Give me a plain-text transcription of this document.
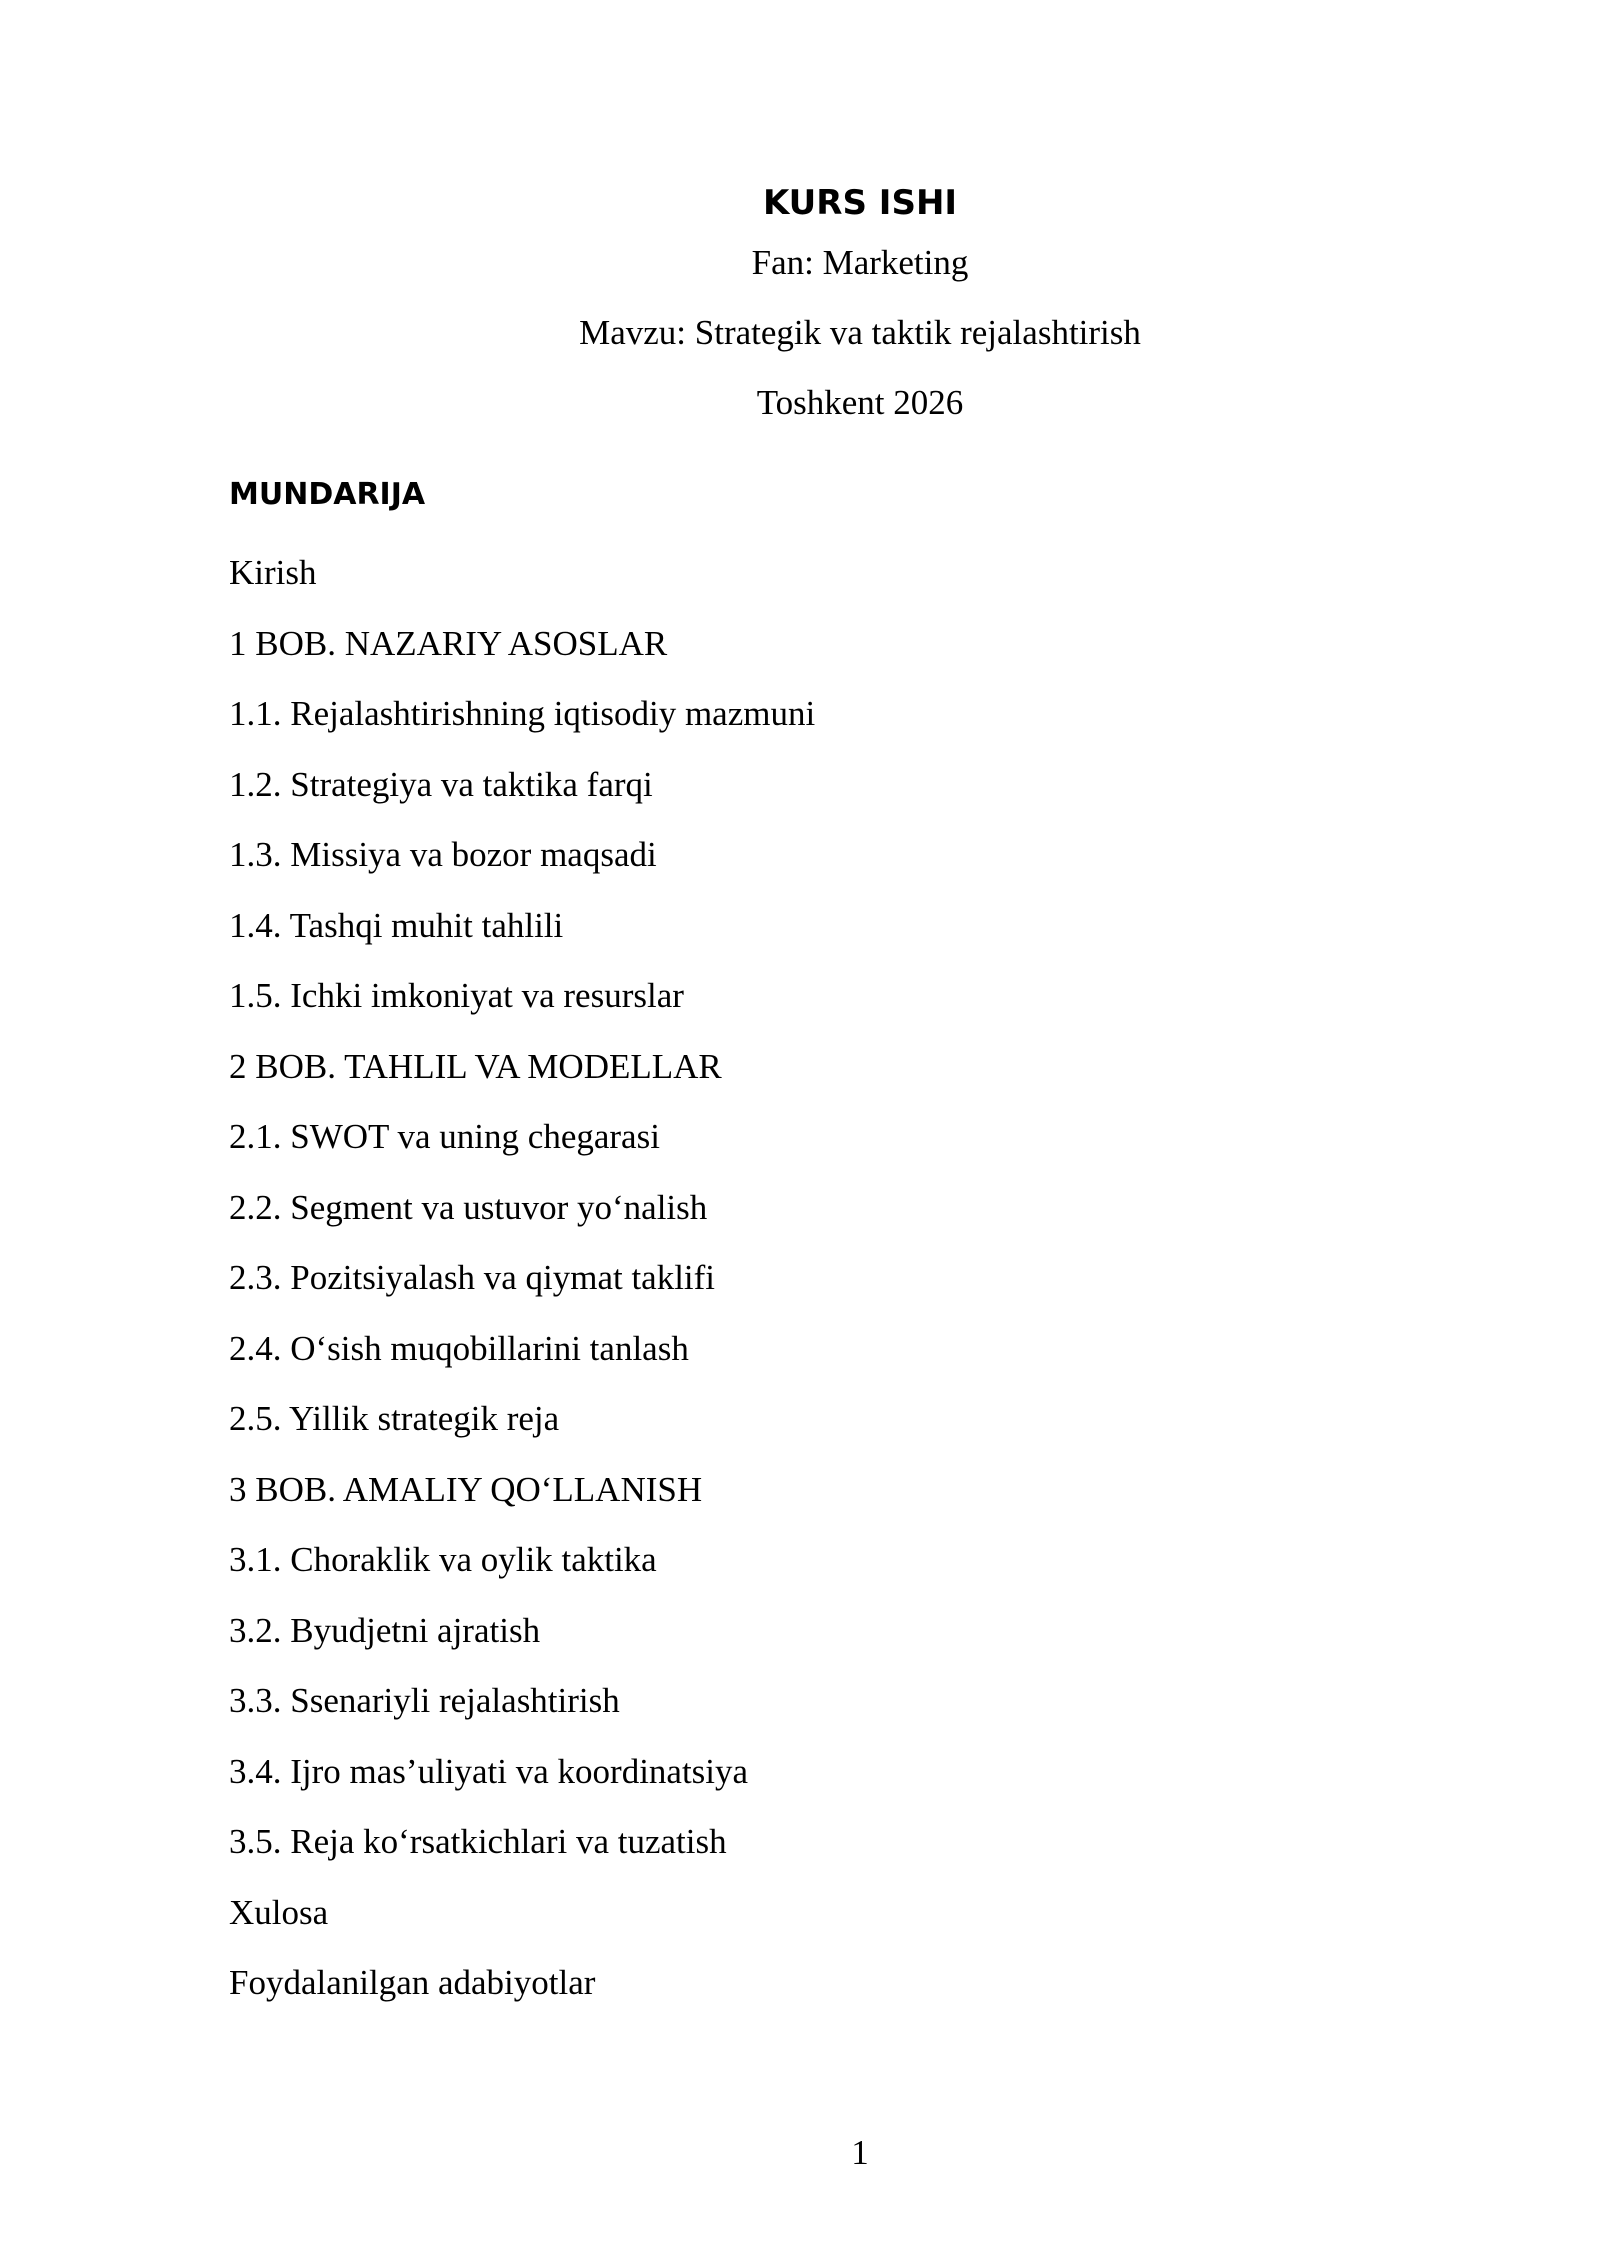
KURS ISHI

Fan: Marketing

Mavzu: Strategik va taktik rejalashtirish

Toshkent 2026

MUNDARIJA
Kirish
1 BOB. NAZARIY ASOSLAR
1.1. Rejalashtirishning iqtisodiy mazmuni
1.2. Strategiya va taktika farqi
1.3. Missiya va bozor maqsadi
1.4. Tashqi muhit tahlili
1.5. Ichki imkoniyat va resurslar
2 BOB. TAHLIL VA MODELLAR
2.1. SWOT va uning chegarasi
2.2. Segment va ustuvor yo‘nalish
2.3. Pozitsiyalash va qiymat taklifi
2.4. O‘sish muqobillarini tanlash
2.5. Yillik strategik reja
3 BOB. AMALIY QO‘LLANISH
3.1. Choraklik va oylik taktika
3.2. Byudjetni ajratish
3.3. Ssenariyli rejalashtirish
3.4. Ijro mas’uliyati va koordinatsiya
3.5. Reja ko‘rsatkichlari va tuzatish
Xulosa
Foydalanilgan adabiyotlar

1
